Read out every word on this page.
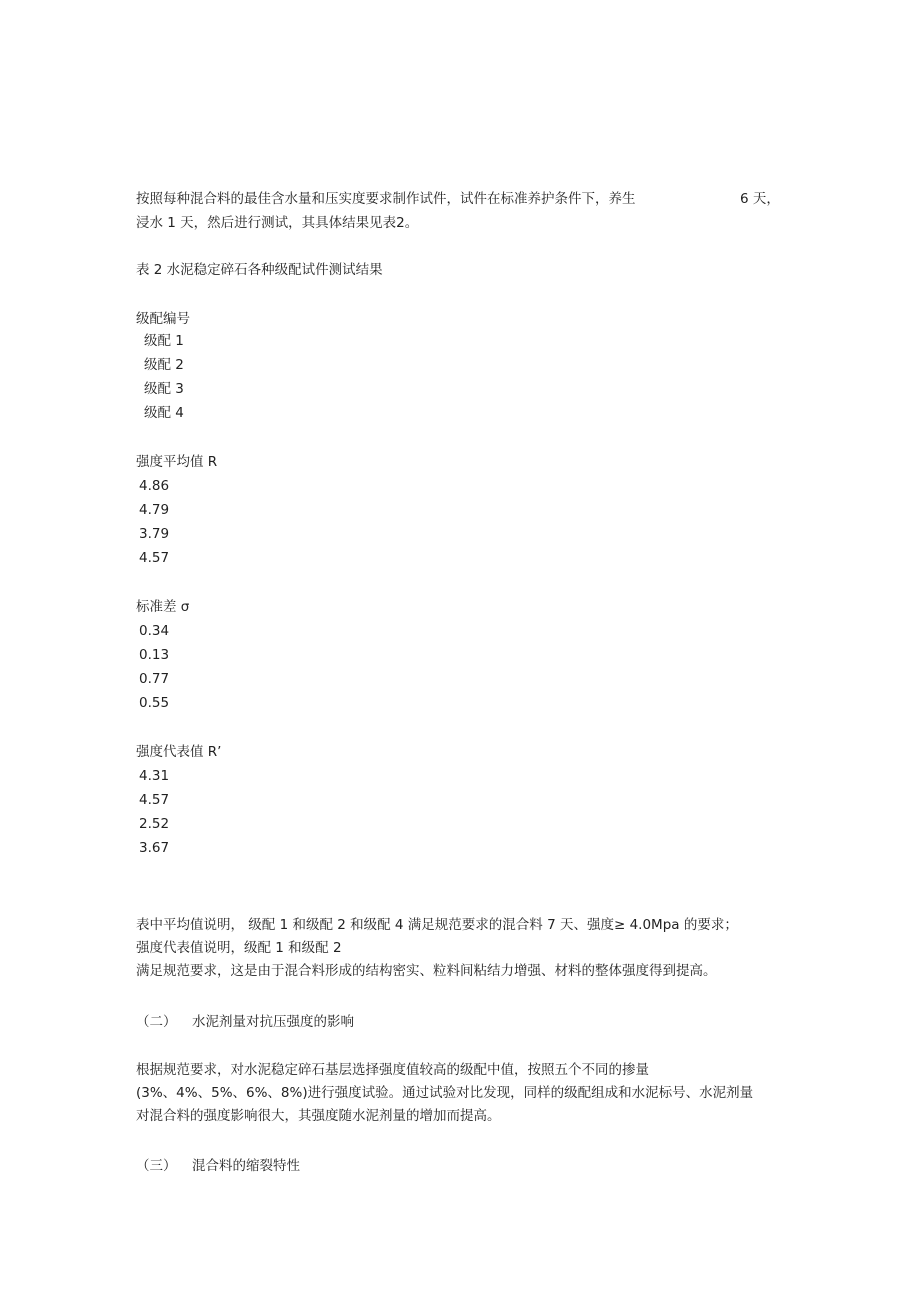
按照每种混合料的最佳含水量和压实度要求制作试件，试件在标准养护条件下，养生	6 天，
浸水 1 天，然后进行测试，其具体结果见表2。
表 2 水泥稳定碎石各种级配试件测试结果
级配编号
级配 1
级配 2
级配 3
级配 4
强度平均值 R
4.86
4.79
3.79
4.57
标准差 σ
0.34
0.13
0.77
0.55
强度代表值 R’
4.31
4.57
2.52
3.67
表中平均值说明， 级配 1 和级配 2 和级配 4 满足规范要求的混合料 7 天、强度≥ 4.0Mpa 的要求；
强度代表值说明，级配 1 和级配 2
满足规范要求，这是由于混合料形成的结构密实、粒料间粘结力增强、材料的整体强度得到提高。
（二） 水泥剂量对抗压强度的影响
根据规范要求，对水泥稳定碎石基层选择强度值较高的级配中值，按照五个不同的掺量
(3%、4%、5%、6%、8%)进行强度试验。通过试验对比发现，同样的级配组成和水泥标号、水泥剂量
对混合料的强度影响很大，其强度随水泥剂量的增加而提高。
（三） 混合料的缩裂特性
